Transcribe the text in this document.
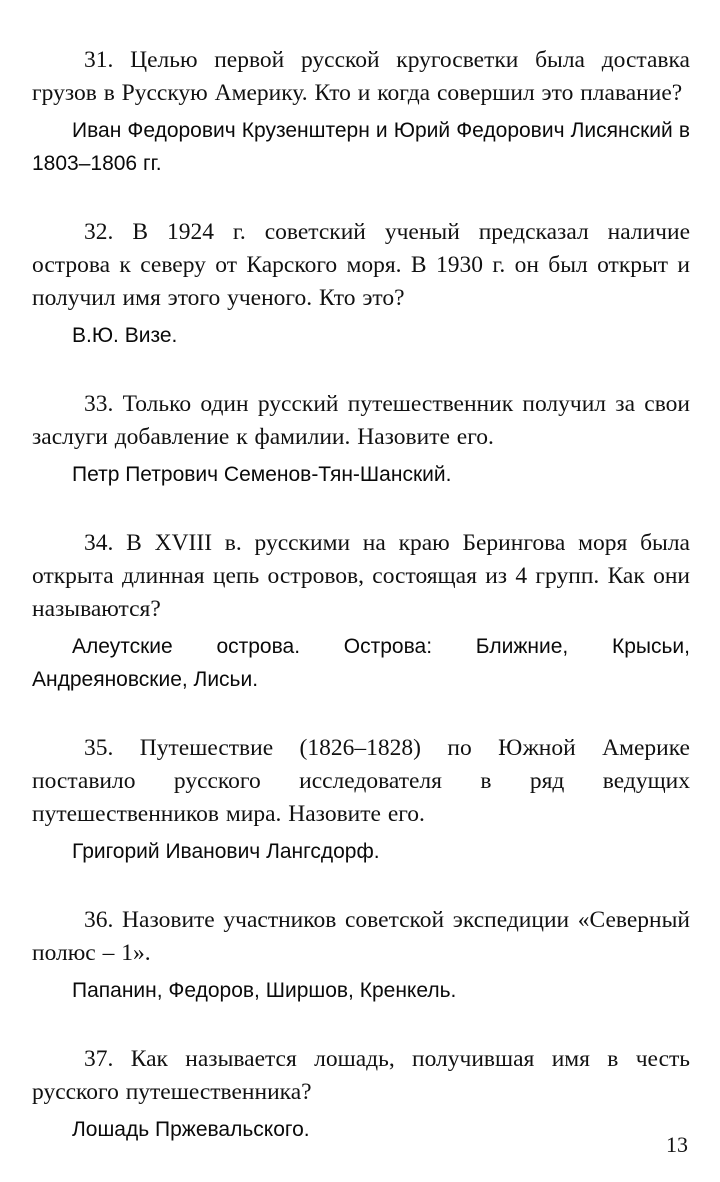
31. Целью первой русской кругосветки была доставка грузов в Русскую Америку. Кто и когда совершил это плавание?

Иван Федорович Крузенштерн и Юрий Федорович Лисянский в 1803–1806 гг.

32. В 1924 г. советский ученый предсказал наличие острова к северу от Карского моря. В 1930 г. он был открыт и получил имя этого ученого. Кто это?

В.Ю. Визе.

33. Только один русский путешественник получил за свои заслуги добавление к фамилии. Назовите его.

Петр Петрович Семенов-Тян-Шанский.

34. В XVIII в. русскими на краю Берингова моря была открыта длинная цепь островов, состоящая из 4 групп. Как они называются?

Алеутские острова. Острова: Ближние, Крысьи, Андреяновские, Лисьи.

35. Путешествие (1826–1828) по Южной Америке поставило русского исследователя в ряд ведущих путешественников мира. Назовите его.

Григорий Иванович Лангсдорф.

36. Назовите участников советской экспедиции «Северный полюс – 1».

Папанин, Федоров, Ширшов, Кренкель.

37. Как называется лошадь, получившая имя в честь русского путешественника?

Лошадь Пржевальского.

13
